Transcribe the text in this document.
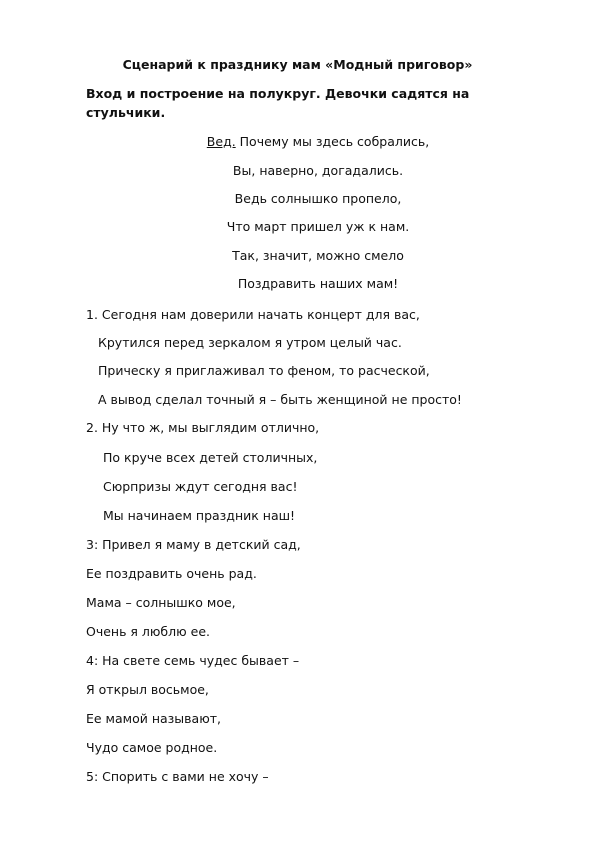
Сценарий к празднику мам «Модный приговор»
Вход и построение на полукруг. Девочки садятся на
стульчики.
Вед. Почему мы здесь собрались,
Вы, наверно, догадались.
Ведь солнышко пропело,
Что март пришел уж к нам.
Так, значит, можно смело
Поздравить наших мам!
1. Сегодня нам доверили начать концерт для вас,
Крутился перед зеркалом я утром целый час.
Прическу я приглаживал то феном, то расческой,
А вывод сделал точный я – быть женщиной не просто!
2. Ну что ж, мы выглядим отлично,
По круче всех детей столичных,
Сюрпризы ждут сегодня вас!
Мы начинаем праздник наш!
3: Привел я маму в детский сад,
Ее поздравить очень рад.
Мама – солнышко мое,
Очень я люблю ее.
4: На свете семь чудес бывает –
Я открыл восьмое,
Ее мамой называют,
Чудо самое родное.
5: Спорить с вами не хочу –
